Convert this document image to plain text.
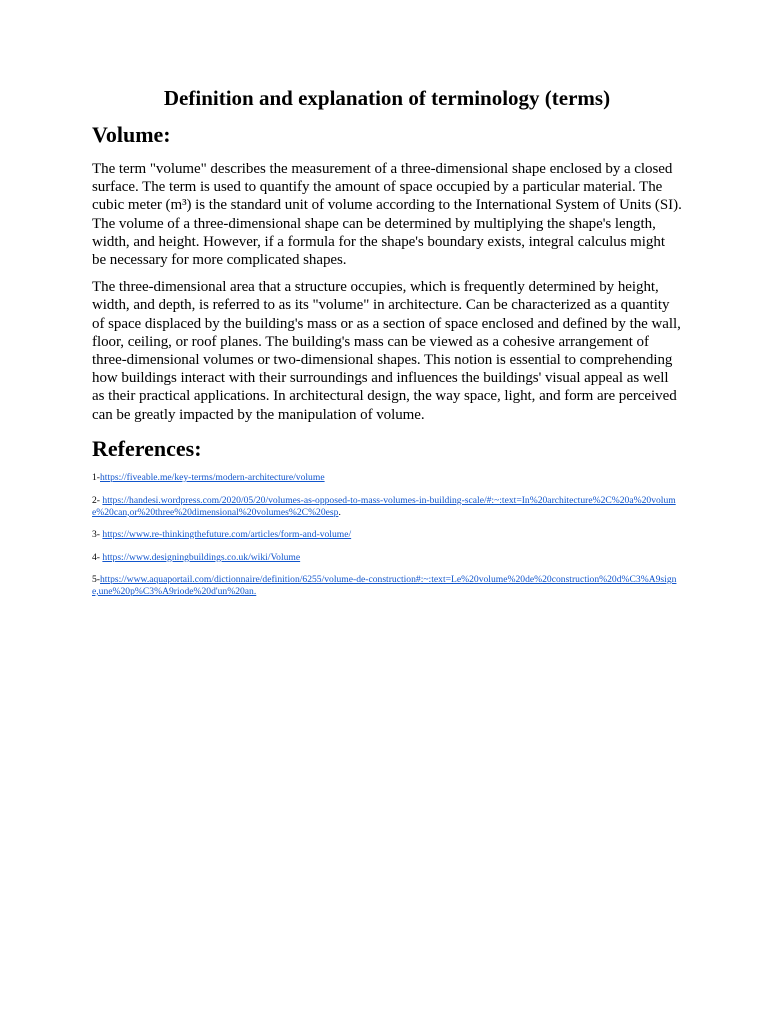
Definition and explanation of terminology (terms)
Volume:

The term "volume" describes the measurement of a three-dimensional shape enclosed by a closed surface. The term is used to quantify the amount of space occupied by a particular material. The cubic meter (m³) is the standard unit of volume according to the International System of Units (SI). The volume of a three-dimensional shape can be determined by multiplying the shape's length, width, and height. However, if a formula for the shape's boundary exists, integral calculus might be necessary for more complicated shapes.

The three-dimensional area that a structure occupies, which is frequently determined by height, width, and depth, is referred to as its "volume" in architecture. Can be characterized as a quantity of space displaced by the building's mass or as a section of space enclosed and defined by the wall, floor, ceiling, or roof planes. The building's mass can be viewed as a cohesive arrangement of three-dimensional volumes or two-dimensional shapes. This notion is essential to comprehending how buildings interact with their surroundings and influences the buildings' visual appeal as well as their practical applications. In architectural design, the way space, light, and form are perceived can be greatly impacted by the manipulation of volume.

References:

1-https://fiveable.me/key-terms/modern-architecture/volume

2- https://handesi.wordpress.com/2020/05/20/volumes-as-opposed-to-mass-volumes-in-building-scale/#:~:text=In%20architecture%2C%20a%20volume%20can,or%20three%20dimensional%20volumes%2C%20esp.

3- https://www.re-thinkingthefuture.com/articles/form-and-volume/

4- https://www.designingbuildings.co.uk/wiki/Volume

5-https://www.aquaportail.com/dictionnaire/definition/6255/volume-de-construction#:~:text=Le%20volume%20de%20construction%20d%C3%A9signe,une%20p%C3%A9riode%20d'un%20an.
